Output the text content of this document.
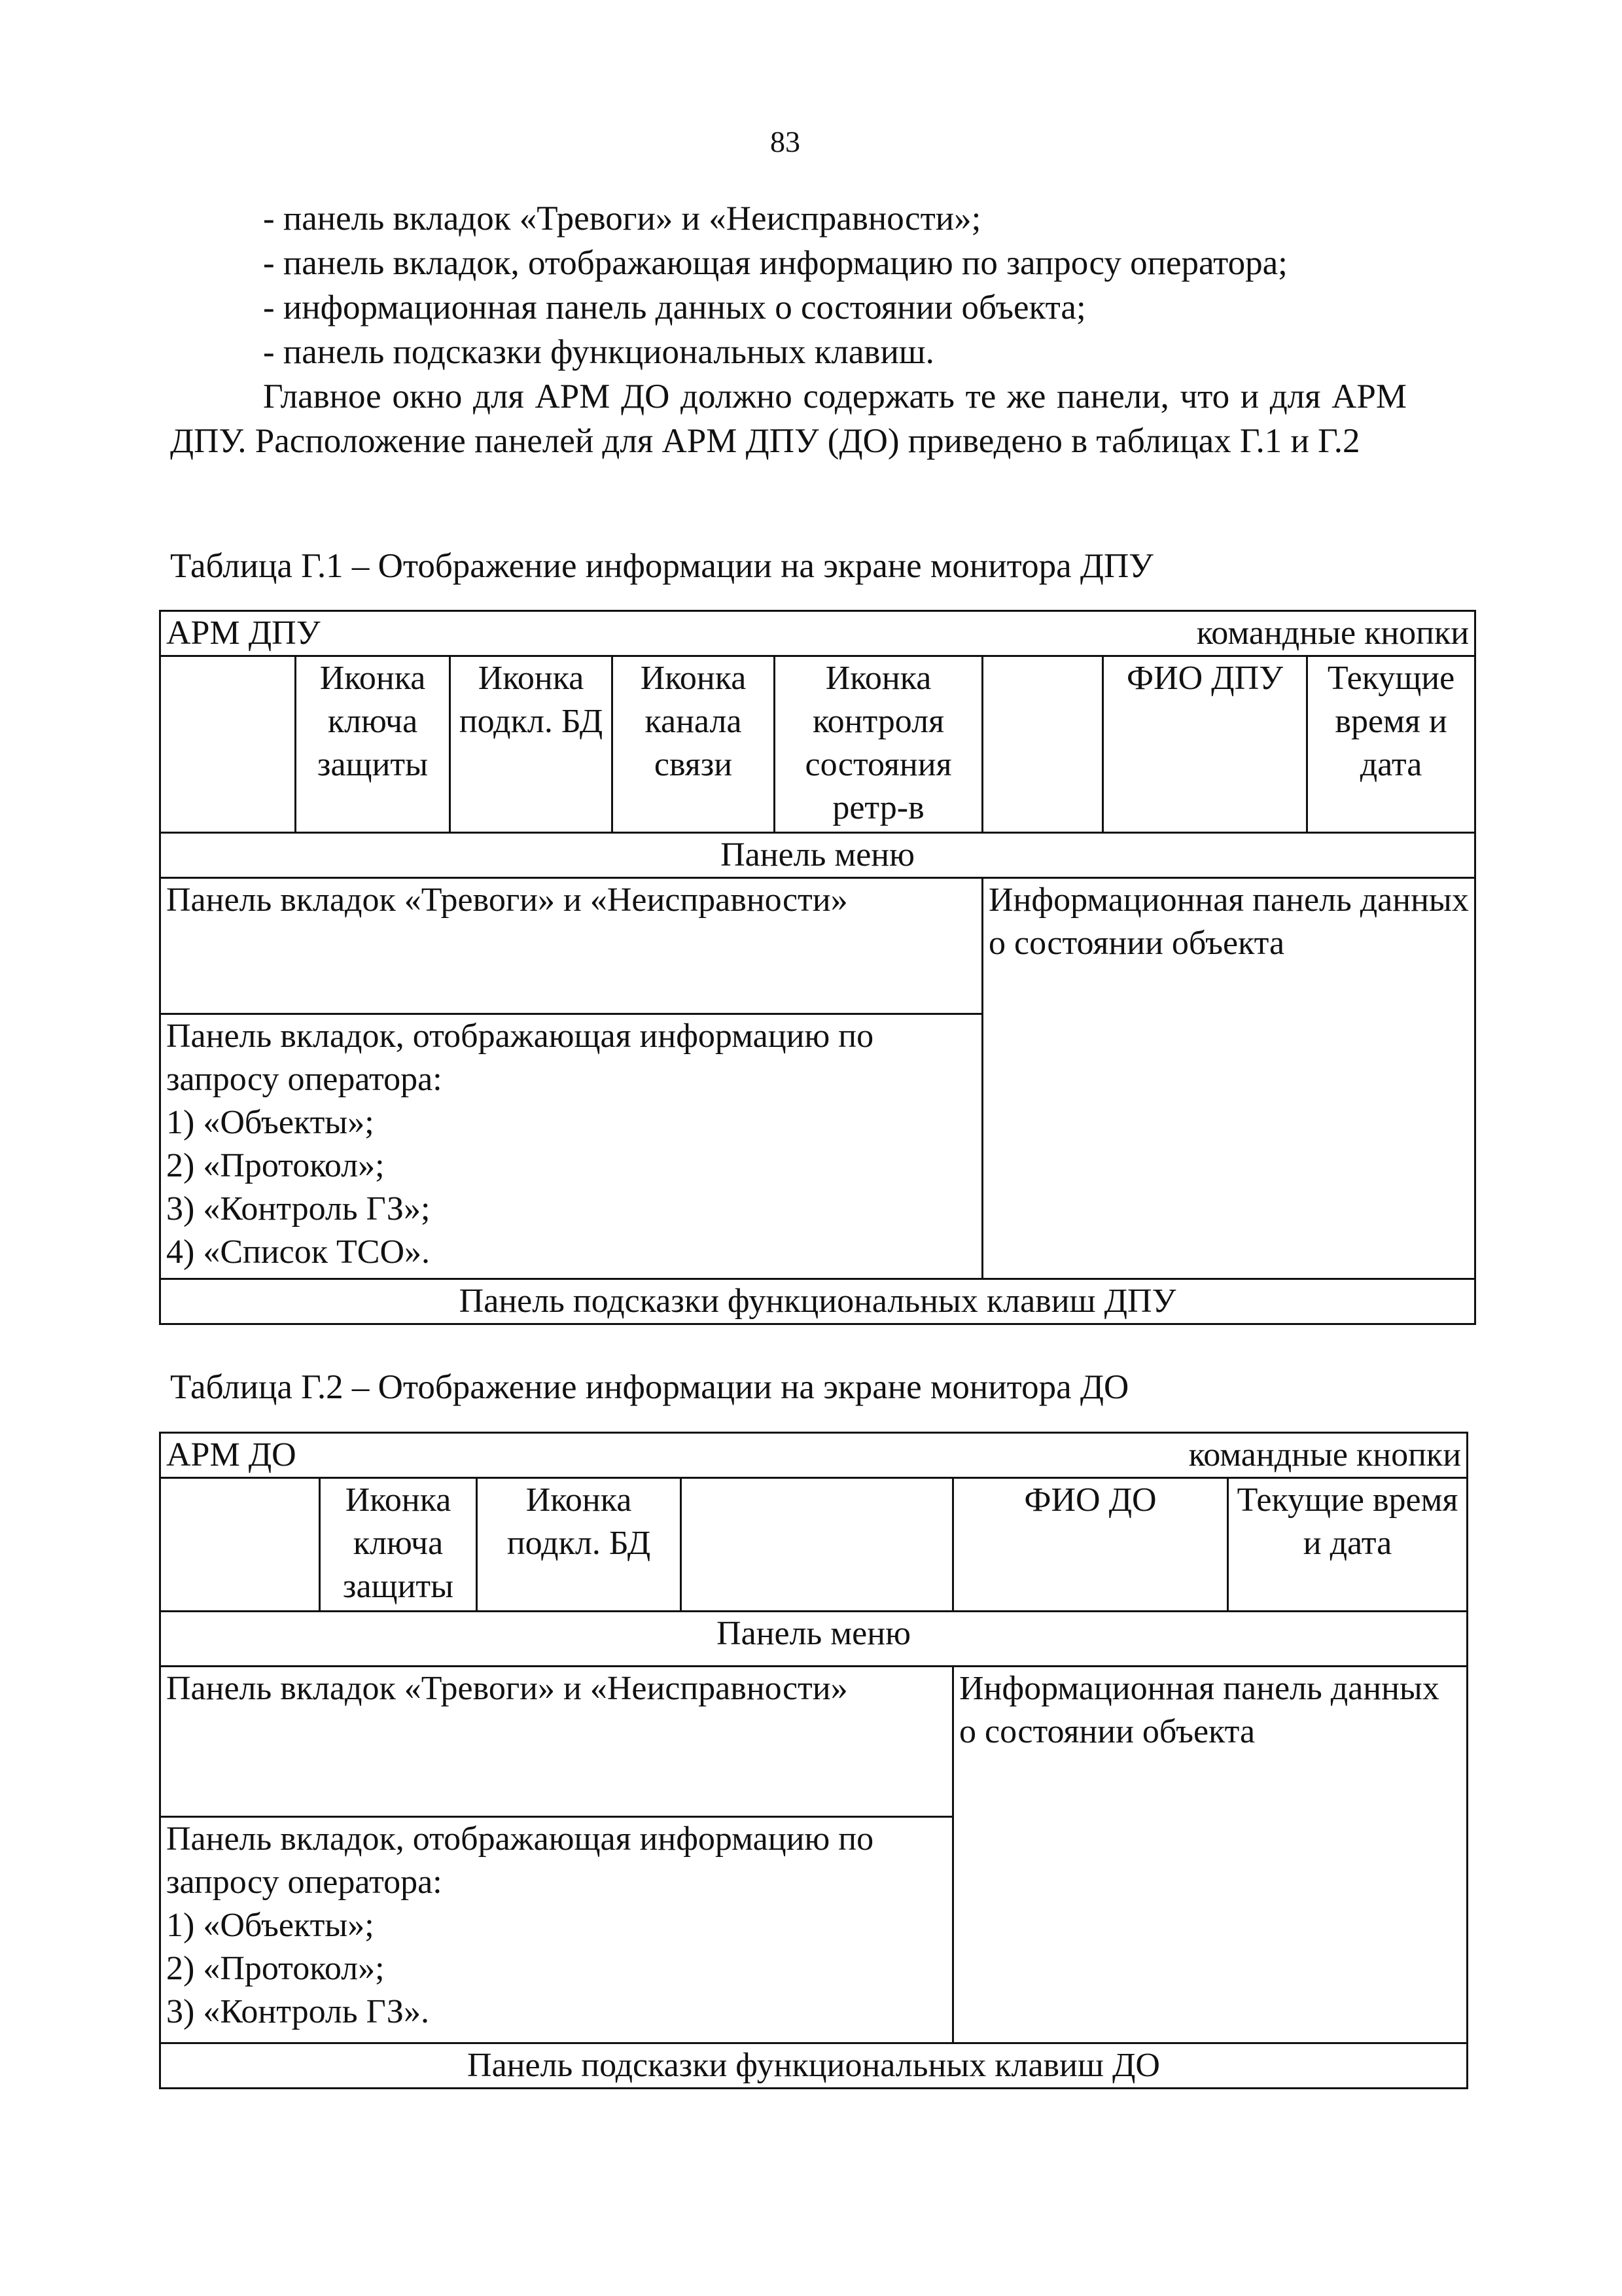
83
- панель вкладок «Тревоги» и «Неисправности»;
- панель вкладок, отображающая информацию по запросу оператора;
- информационная панель данных о состоянии объекта;
- панель подсказки функциональных клавиш.
Главное окно для АРМ ДО должно содержать те же панели, что и для АРМ ДПУ. Расположение панелей для АРМ ДПУ (ДО) приведено в таблицах Г.1 и Г.2
Таблица Г.1 – Отображение информации на экране монитора ДПУ
АРМ ДПУ командные кнопки							

	Иконка ключа защиты	Иконка подкл. БД	Иконка канала связи	Иконка контроля состояния ретр-в		ФИО ДПУ	Текущие время и дата
Панель меню							
Панель вкладок «Тревоги» и «Неисправности»					Информационная панель данных о состоянии объекта		

Панель вкладок, отображающая информацию по запросу оператора:
1) «Объекты»;
2) «Протокол»;
3) «Контроль ГЗ»;
4) «Список ТСО».							

Панель подсказки функциональных клавиш ДПУ							
Таблица Г.2 – Отображение информации на экране монитора ДО
АРМ ДО командные кнопки					

	Иконка ключа защиты	Иконка подкл. БД		ФИО ДО	Текущие время и дата
Панель меню					
Панель вкладок «Тревоги» и «Неисправности»				Информационная панель данных о состоянии объекта	

Панель вкладок, отображающая информацию по запросу оператора:
1) «Объекты»;
2) «Протокол»;
3) «Контроль ГЗ».					

Панель подсказки функциональных клавиш ДО					
